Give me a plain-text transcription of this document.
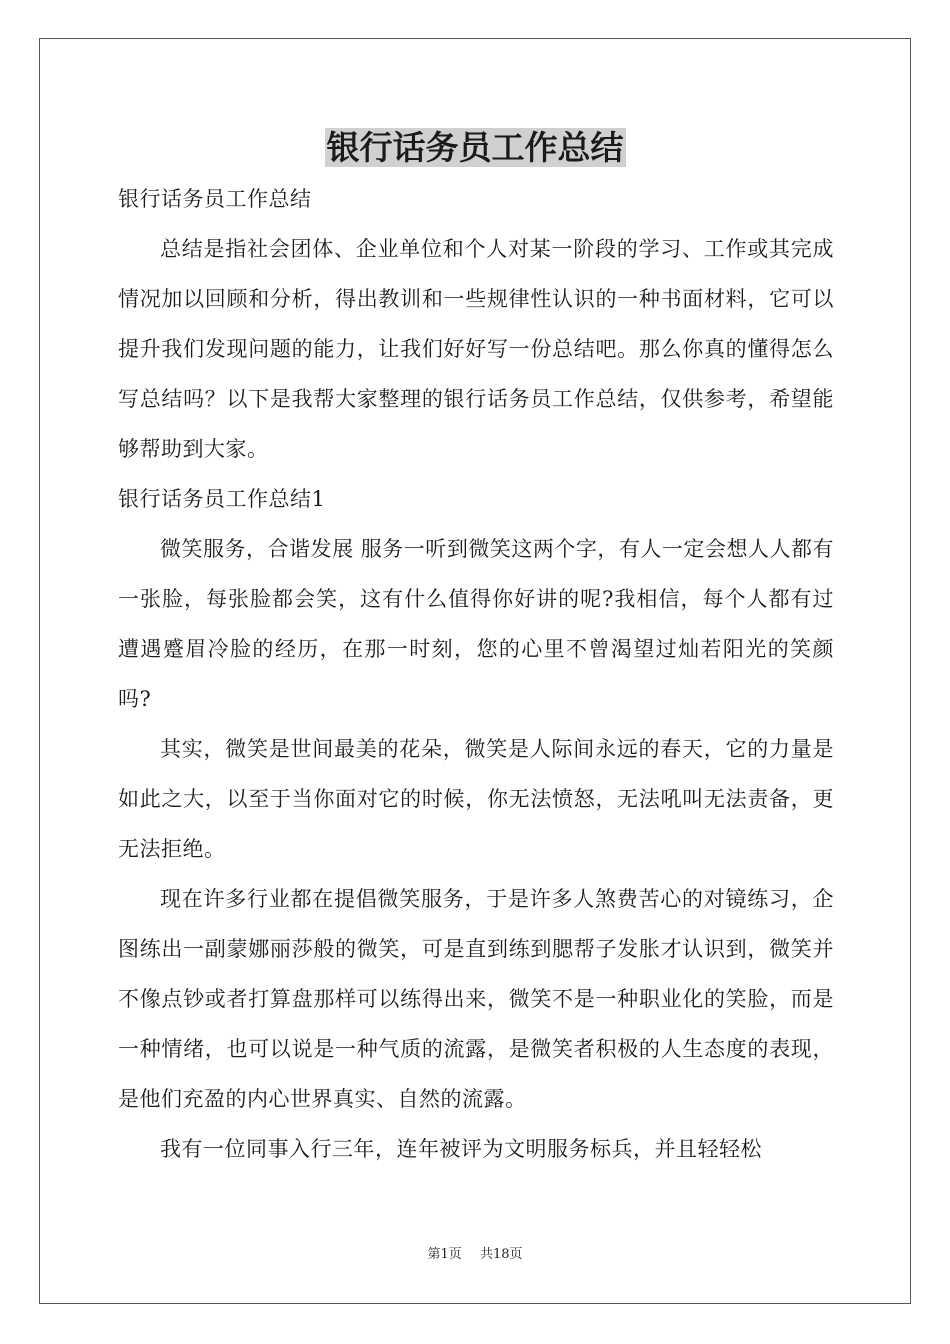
银行话务员工作总结

银行话务员工作总结

总结是指社会团体、企业单位和个人对某一阶段的学习、工作或其完成情况加以回顾和分析，得出教训和一些规律性认识的一种书面材料，它可以提升我们发现问题的能力，让我们好好写一份总结吧。那么你真的懂得怎么写总结吗？以下是我帮大家整理的银行话务员工作总结，仅供参考，希望能够帮助到大家。

银行话务员工作总结1

微笑服务，合谐发展 服务一听到微笑这两个字，有人一定会想人人都有一张脸，每张脸都会笑，这有什么值得你好讲的呢?我相信，每个人都有过遭遇蹙眉冷脸的经历，在那一时刻，您的心里不曾渴望过灿若阳光的笑颜吗?

其实，微笑是世间最美的花朵，微笑是人际间永远的春天，它的力量是如此之大，以至于当你面对它的时候，你无法愤怒，无法吼叫无法责备，更无法拒绝。

现在许多行业都在提倡微笑服务，于是许多人煞费苦心的对镜练习，企图练出一副蒙娜丽莎般的微笑，可是直到练到腮帮子发胀才认识到，微笑并不像点钞或者打算盘那样可以练得出来，微笑不是一种职业化的笑脸，而是一种情绪，也可以说是一种气质的流露，是微笑者积极的人生态度的表现，是他们充盈的内心世界真实、自然的流露。

我有一位同事入行三年，连年被评为文明服务标兵，并且轻轻松

第1页 共18页
